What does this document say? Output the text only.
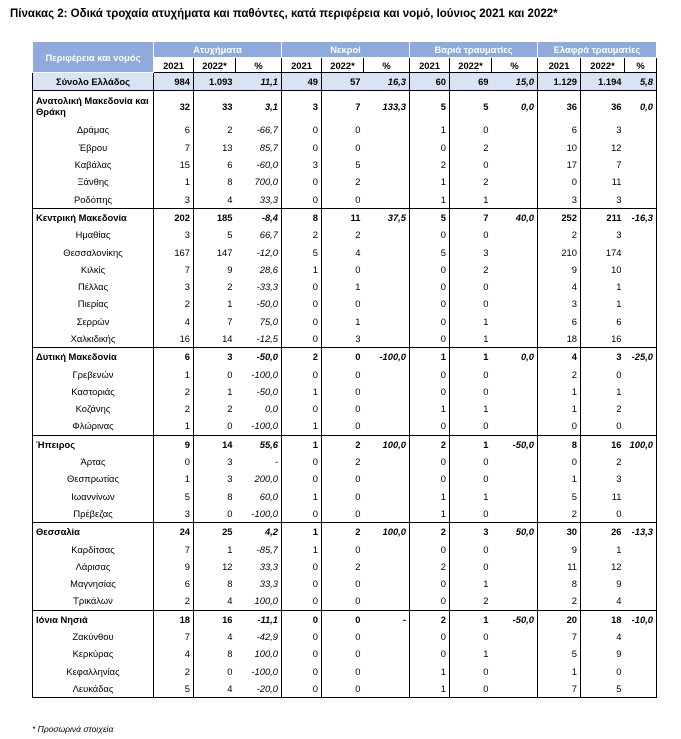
Πίνακας 2: Οδικά τροχαία ατυχήματα και παθόντες, κατά περιφέρεια και νομό, Ιούνιος 2021 και 2022*
Περιφέρεια και νομός	Ατυχήματα			Νεκροί			Βαριά τραυματίες			Ελαφρά τραυματίες		
	2021	2022*	%	2021	2022*	%	2021	2022*	%	2021	2022*	%
Σύνολο Ελλάδος	984	1.093	11,1	49	57	16,3	60	69	15,0	1.129	1.194	5,8
Ανατολική Μακεδονία και Θράκη	32	33	3,1	3	7	133,3	5	5	0,0	36	36	0,0
Δράμας	6	2	-66,7	0	0		1	0		6	3	
Έβρου	7	13	85,7	0	0		0	2		10	12	
Καβάλας	15	6	-60,0	3	5		2	0		17	7	
Ξάνθης	1	8	700,0	0	2		1	2		0	11	
Ροδόπης	3	4	33,3	0	0		1	1		3	3	
Κεντρική Μακεδονία	202	185	-8,4	8	11	37,5	5	7	40,0	252	211	-16,3
Ημαθίας	3	5	66,7	2	2		0	0		2	3	
Θεσσαλονίκης	167	147	-12,0	5	4		5	3		210	174	
Κιλκίς	7	9	28,6	1	0		0	2		9	10	
Πέλλας	3	2	-33,3	0	1		0	0		4	1	
Πιερίας	2	1	-50,0	0	0		0	0		3	1	
Σερρών	4	7	75,0	0	1		0	1		6	6	
Χαλκιδικής	16	14	-12,5	0	3		0	1		18	16	
Δυτική Μακεδονία	6	3	-50,0	2	0	-100,0	1	1	0,0	4	3	-25,0
Γρεβενών	1	0	-100,0	0	0		0	0		2	0	
Καστοριάς	2	1	-50,0	1	0		0	0		1	1	
Κοζάνης	2	2	0,0	0	0		1	1		1	2	
Φλώρινας	1	0	-100,0	1	0		0	0		0	0	
Ήπειρος	9	14	55,6	1	2	100,0	2	1	-50,0	8	16	100,0
Άρτας	0	3	-	0	2		0	0		0	2	
Θεσπρωτίας	1	3	200,0	0	0		0	0		1	3	
Ιωαννίνων	5	8	60,0	1	0		1	1		5	11	
Πρέβεζας	3	0	-100,0	0	0		1	0		2	0	
Θεσσαλία	24	25	4,2	1	2	100,0	2	3	50,0	30	26	-13,3
Καρδίτσας	7	1	-85,7	1	0		0	0		9	1	
Λάρισας	9	12	33,3	0	2		2	0		11	12	
Μαγνησίας	6	8	33,3	0	0		0	1		8	9	
Τρικάλων	2	4	100,0	0	0		0	2		2	4	
Ιόνια Νησιά	18	16	-11,1	0	0	-	2	1	-50,0	20	18	-10,0
Ζακύνθου	7	4	-42,9	0	0		0	0		7	4	
Κερκύρας	4	8	100,0	0	0		0	1		5	9	
Κεφαλληνίας	2	0	-100,0	0	0		1	0		1	0	
Λευκάδας	5	4	-20,0	0	0		1	0		7	5	
* Προσωρινά στοιχεία
